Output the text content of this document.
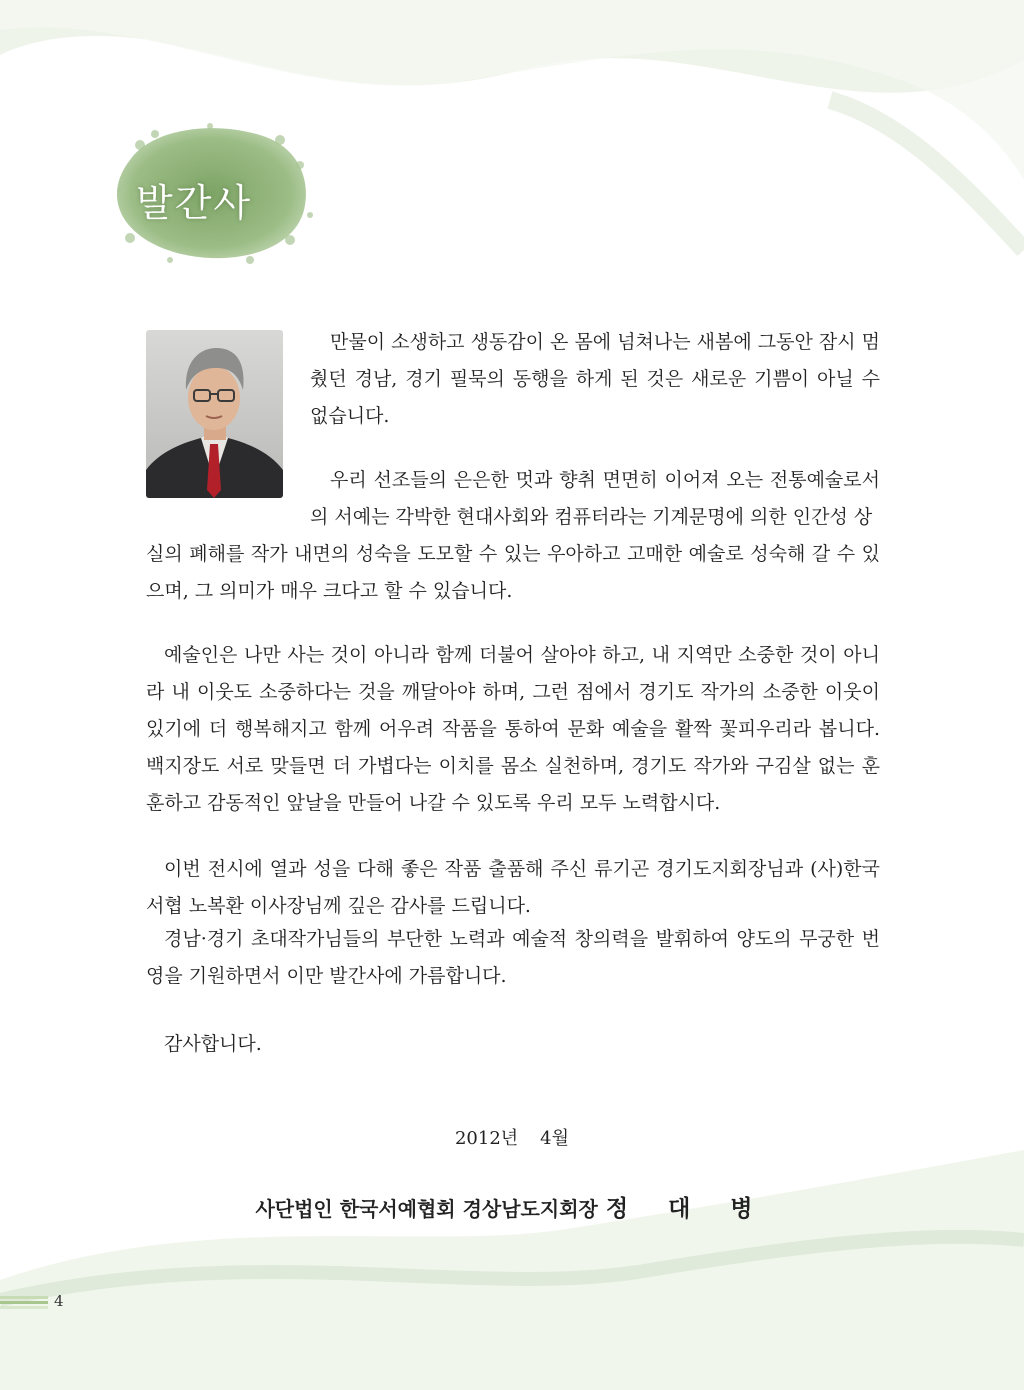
발간사
만물이 소생하고 생동감이 온 몸에 넘쳐나는 새봄에 그동안 잠시 멈췄던 경남, 경기 필묵의 동행을 하게 된 것은 새로운 기쁨이 아닐 수 없습니다.
우리 선조들의 은은한 멋과 향취 면면히 이어져 오는 전통예술로서의 서예는 각박한 현대사회와 컴퓨터라는 기계문명에 의한 인간성 상
실의 폐해를 작가 내면의 성숙을 도모할 수 있는 우아하고 고매한 예술로 성숙해 갈 수 있으며, 그 의미가 매우 크다고 할 수 있습니다.
예술인은 나만 사는 것이 아니라 함께 더불어 살아야 하고, 내 지역만 소중한 것이 아니라 내 이웃도 소중하다는 것을 깨달아야 하며, 그런 점에서 경기도 작가의 소중한 이웃이 있기에 더 행복해지고 함께 어우려 작품을 통하여 문화 예술을 활짝 꽃피우리라 봅니다. 백지장도 서로 맞들면 더 가볍다는 이치를 몸소 실천하며, 경기도 작가와 구김살 없는 훈훈하고 감동적인 앞날을 만들어 나갈 수 있도록 우리 모두 노력합시다.
이번 전시에 열과 성을 다해 좋은 작품 출품해 주신 류기곤 경기도지회장님과 (사)한국서협 노복환 이사장님께 깊은 감사를 드립니다.
경남·경기 초대작가님들의 부단한 노력과 예술적 창의력을 발휘하여 양도의 무궁한 번영을 기원하면서 이만 발간사에 가름합니다.
감사합니다.
2012년 4월
사단법인 한국서예협회 경상남도지회장 정 대 병
4
